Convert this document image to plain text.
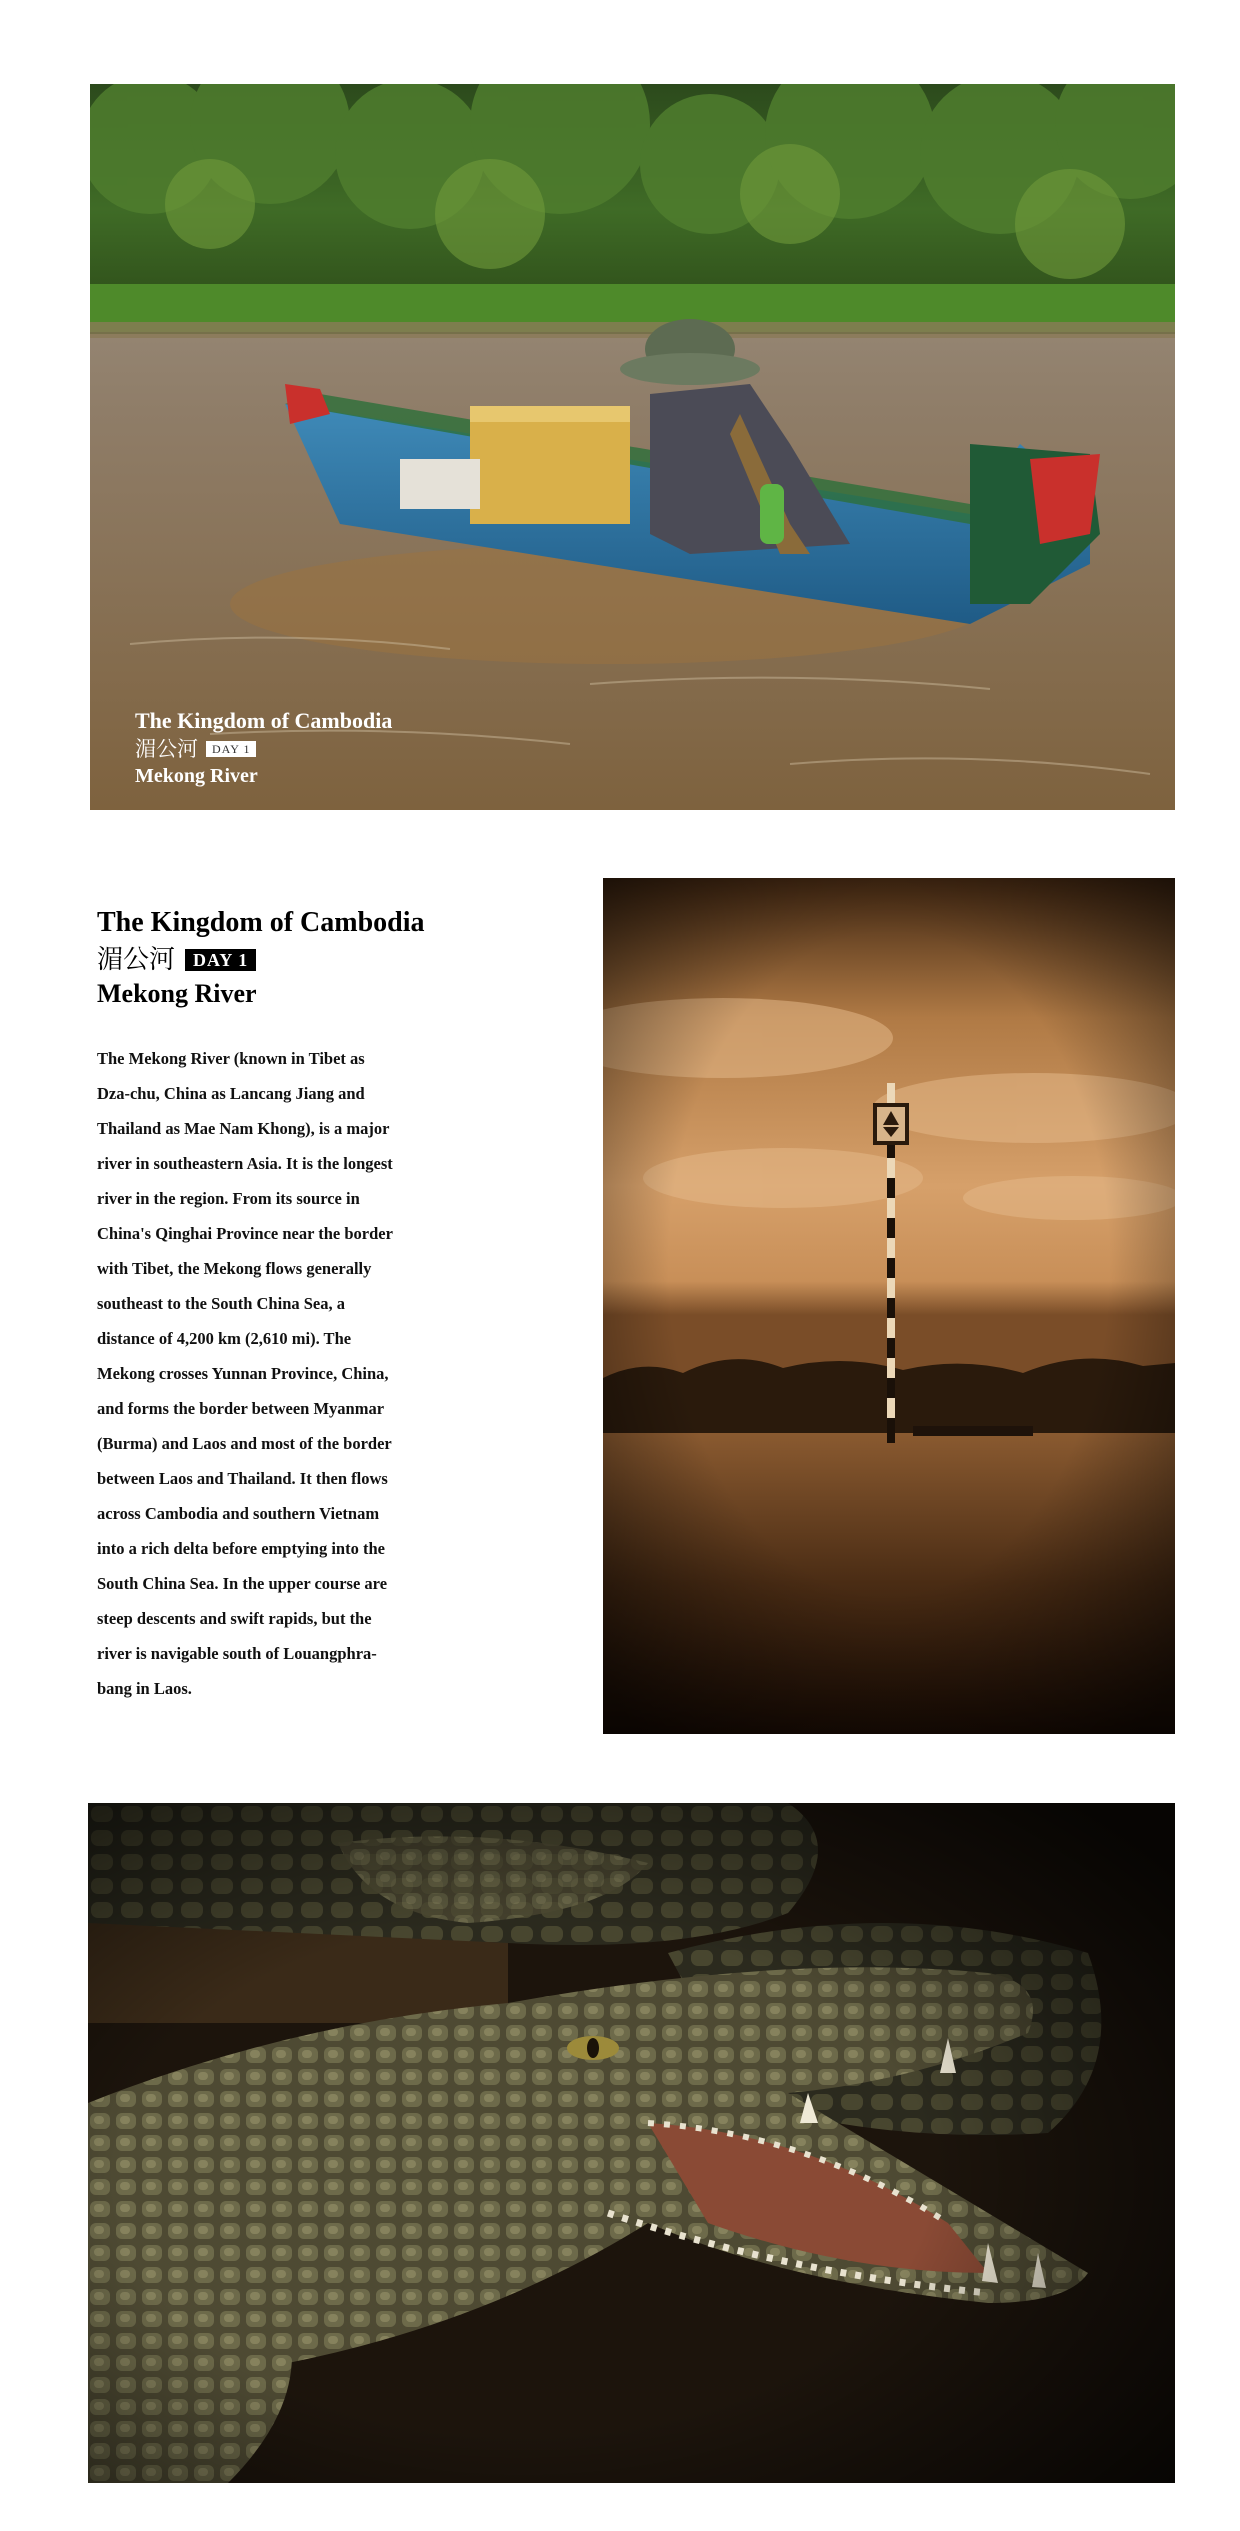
The Kingdom of Cambodia
湄公河	DAY 1
Mekong River
The Kingdom of Cambodia
湄公河	DAY 1
Mekong River
The Mekong River (known in Tibet as
Dza-chu, China as Lancang Jiang and
Thailand as Mae Nam Khong), is a major
river in southeastern Asia. It is the longest
river in the region. From its source in
China's Qinghai Province near the border
with Tibet, the Mekong flows generally
southeast to the South China Sea, a
distance of 4,200 km (2,610 mi). The
Mekong crosses Yunnan Province, China,
and forms the border between Myanmar
(Burma) and Laos and most of the border
between Laos and Thailand. It then flows
across Cambodia and southern Vietnam
into a rich delta before emptying into the
South China Sea. In the upper course are
steep descents and swift rapids, but the
river is navigable south of Louangphra-
bang in Laos.
